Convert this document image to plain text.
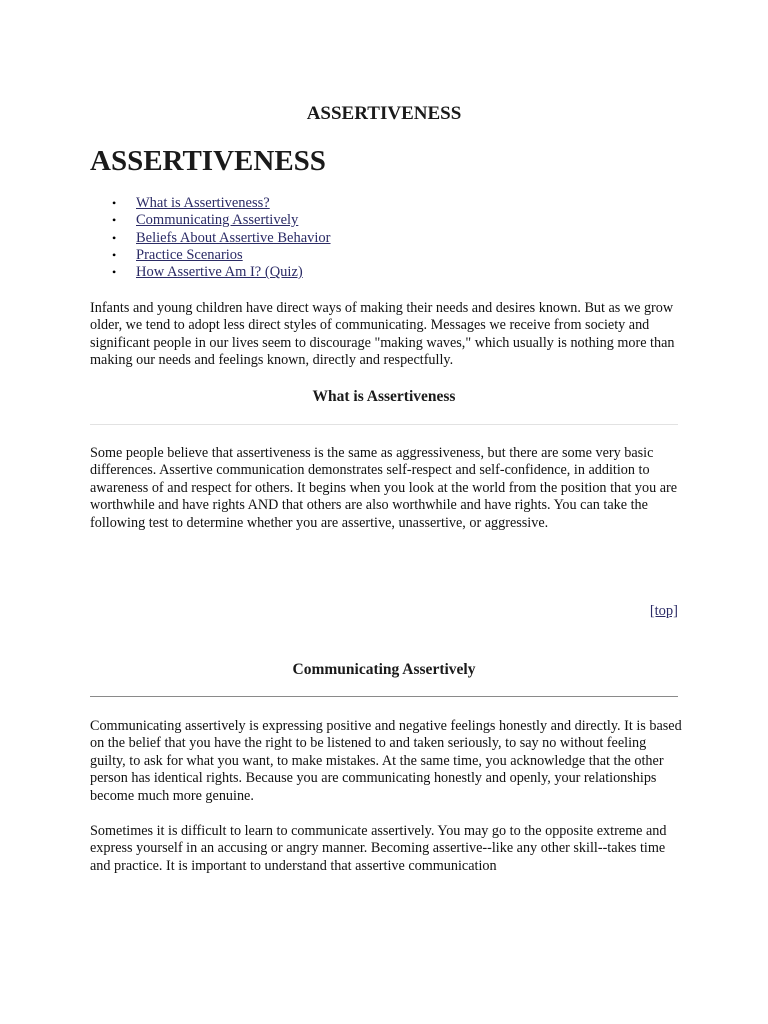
ASSERTIVENESS
ASSERTIVENESS
• What is Assertiveness?
• Communicating Assertively
• Beliefs About Assertive Behavior
• Practice Scenarios
• How Assertive Am I? (Quiz)

Infants and young children have direct ways of making their needs and desires known. But as we grow older, we tend to adopt less direct styles of communicating. Messages we receive from society and significant people in our lives seem to discourage "making waves," which usually is nothing more than making our needs and feelings known, directly and respectfully.

What is Assertiveness

Some people believe that assertiveness is the same as aggressiveness, but there are some very basic differences. Assertive communication demonstrates self-respect and self-confidence, in addition to awareness of and respect for others. It begins when you look at the world from the position that you are worthwhile and have rights AND that others are also worthwhile and have rights. You can take the following test to determine whether you are assertive, unassertive, or aggressive.

[top]
Communicating Assertively

Communicating assertively is expressing positive and negative feelings honestly and directly. It is based on the belief that you have the right to be listened to and taken seriously, to say no without feeling guilty, to ask for what you want, to make mistakes. At the same time, you acknowledge that the other person has identical rights. Because you are communicating honestly and openly, your relationships become much more genuine.

Sometimes it is difficult to learn to communicate assertively. You may go to the opposite extreme and express yourself in an accusing or angry manner. Becoming assertive--like any other skill--takes time and practice. It is important to understand that assertive communication
